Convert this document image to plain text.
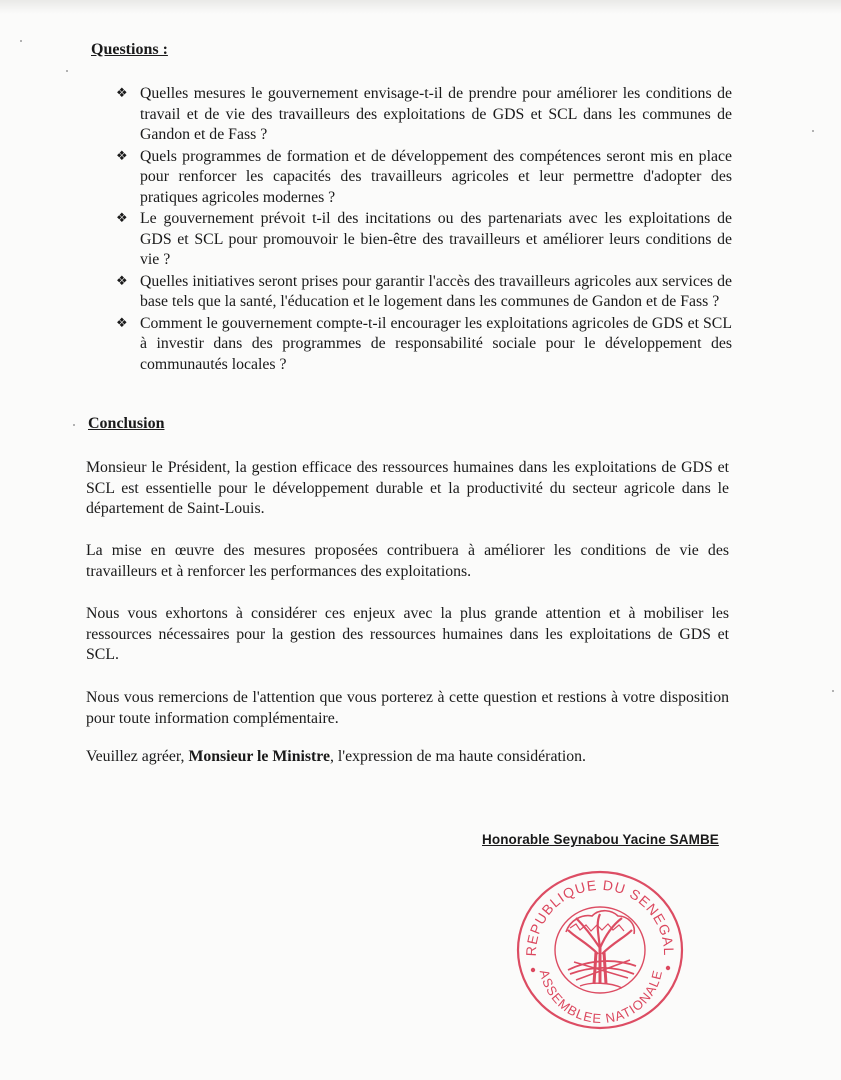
Questions :
❖ Quelles mesures le gouvernement envisage-t-il de prendre pour améliorer les conditions de travail et de vie des travailleurs des exploitations de GDS et SCL dans les communes de Gandon et de Fass ?
❖ Quels programmes de formation et de développement des compétences seront mis en place pour renforcer les capacités des travailleurs agricoles et leur permettre d'adopter des pratiques agricoles modernes ?
❖ Le gouvernement prévoit t-il des incitations ou des partenariats avec les exploitations de GDS et SCL pour promouvoir le bien-être des travailleurs et améliorer leurs conditions de vie ?
❖ Quelles initiatives seront prises pour garantir l'accès des travailleurs agricoles aux services de base tels que la santé, l'éducation et le logement dans les communes de Gandon et de Fass ?
❖ Comment le gouvernement compte-t-il encourager les exploitations agricoles de GDS et SCL à investir dans des programmes de responsabilité sociale pour le développement des communautés locales ?
Conclusion

Monsieur le Président, la gestion efficace des ressources humaines dans les exploitations de GDS et SCL est essentielle pour le développement durable et la productivité du secteur agricole dans le département de Saint-Louis.

La mise en œuvre des mesures proposées contribuera à améliorer les conditions de vie des travailleurs et à renforcer les performances des exploitations.

Nous vous exhortons à considérer ces enjeux avec la plus grande attention et à mobiliser les ressources nécessaires pour la gestion des ressources humaines dans les exploitations de GDS et SCL.

Nous vous remercions de l'attention que vous porterez à cette question et restions à votre disposition pour toute information complémentaire.

Veuillez agréer, Monsieur le Ministre, l'expression de ma haute considération.

Honorable Seynabou Yacine SAMBE
REPUBLIQUE DU SENEGAL
ASSEMBLEE NATIONALE
